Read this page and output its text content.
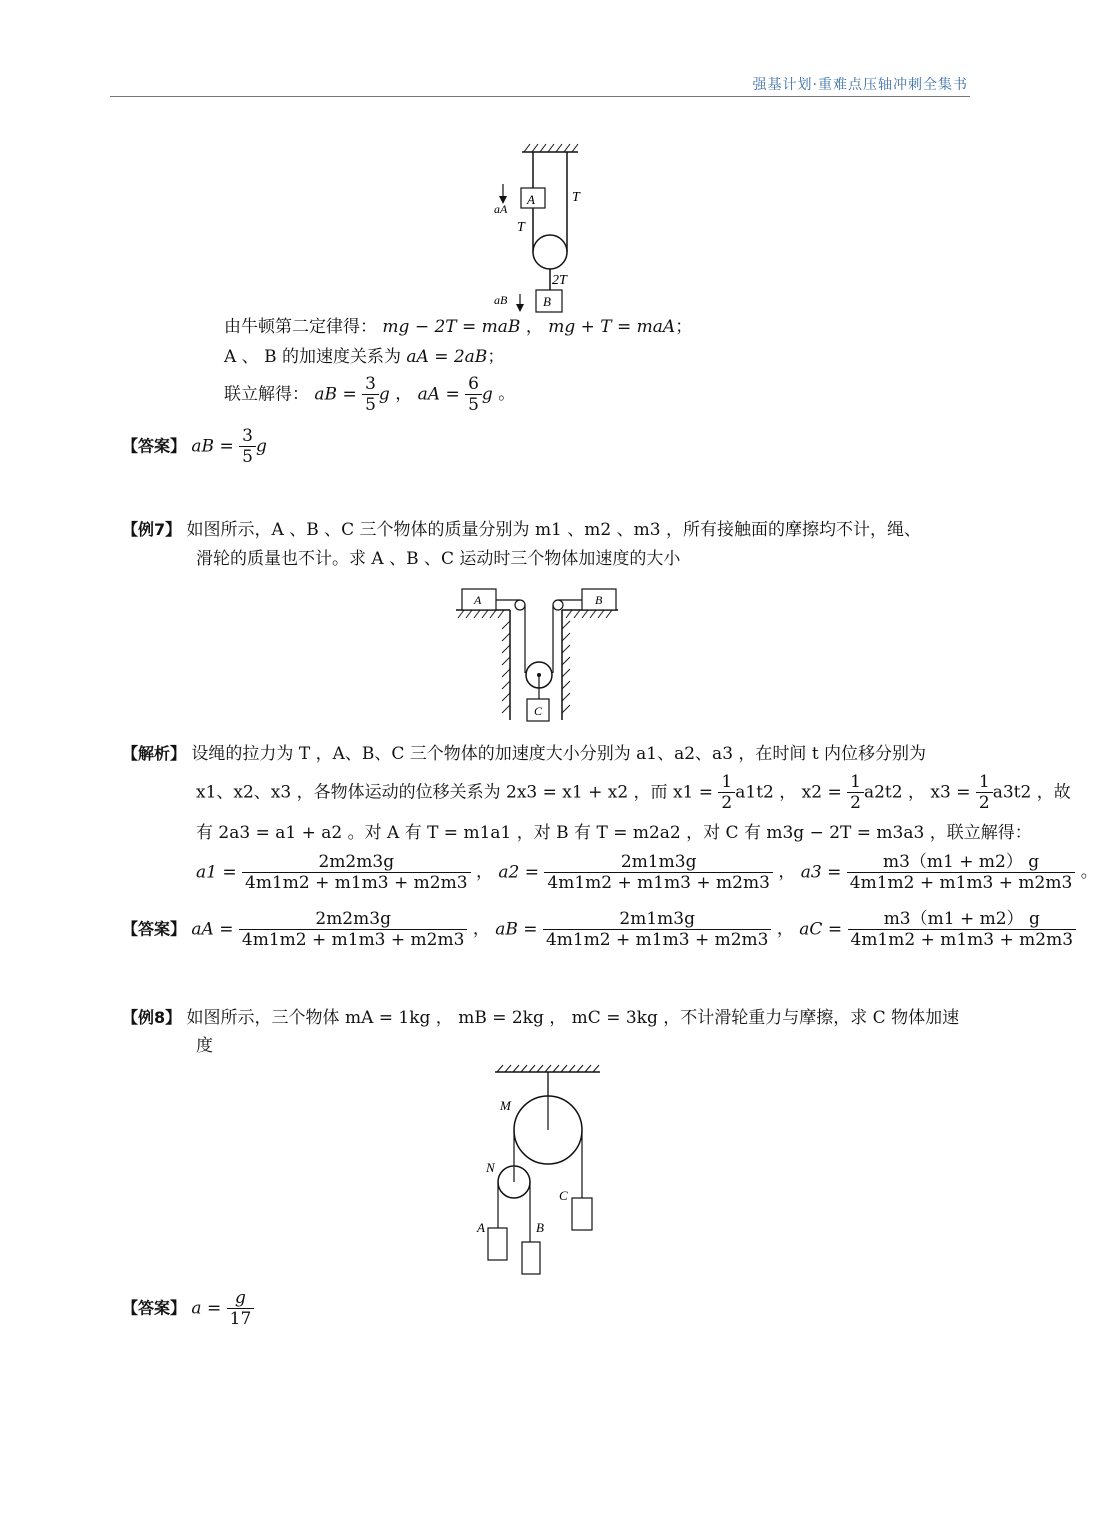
强基计划·重难点压轴冲刺全集书
T
aA
A
T
2T
aB	B
由牛顿第二定律得： mg − 2T = maB ， mg + T = maA；
A 、 B 的加速度关系为 aA = 2aB；
联立解得： aB = $\frac{3}{5}$ g ， aA = $\frac{6}{5}$ g 。
【答案】 aB = $\frac{3}{5}$ g
【例7】 如图所示，A 、B 、C 三个物体的质量分别为 m1 、m2 、m3 ，所有接触面的摩擦均不计，绳、
滑轮的质量也不计。求 A 、B 、C 运动时三个物体加速度的大小
A	B
C
【解析】 设绳的拉力为 T ，A、B、C 三个物体的加速度大小分别为 a1、a2、a3 ，在时间 t 内位移分别为
x1、x2、x3 ，各物体运动的位移关系为 2x3 = x1 + x2 ，而 $x1 = \frac{1}{2} a1t2$ ， $x2 = \frac{1}{2} a2t2$ ， $x3 = \frac{1}{2} a3t2$ ，故
有 2a3 = a1 + a2 。对 A 有 T = m1a1 ，对 B 有 T = m2a2 ，对 C 有 m3g − 2T = m3a3 ，联立解得：
$a1 = \frac{2m2m3g}{4m1m2 + m1m3 + m2m3}$ ， $a2 = \frac{2m1m3g}{4m1m2 + m1m3 + m2m3}$ ， $a3 = \frac{m3(m1 + m2) g}{4m1m2 + m1m3 + m2m3}$ 。
【答案】 aA = $\frac{2m2m3g}{4m1m2 + m1m3 + m2m3}$ ， aB = $\frac{2m1m3g}{4m1m2 + m1m3 + m2m3}$ ， aC = $\frac{m3(m1 + m2) g}{4m1m2 + m1m3 + m2m3}$
【例8】 如图所示，三个物体 mA = 1kg ， mB = 2kg ， mC = 3kg ，不计滑轮重力与摩擦，求 C 物体加速
度
M
N
C
A	B
【答案】 $a = \frac{g}{17}$
